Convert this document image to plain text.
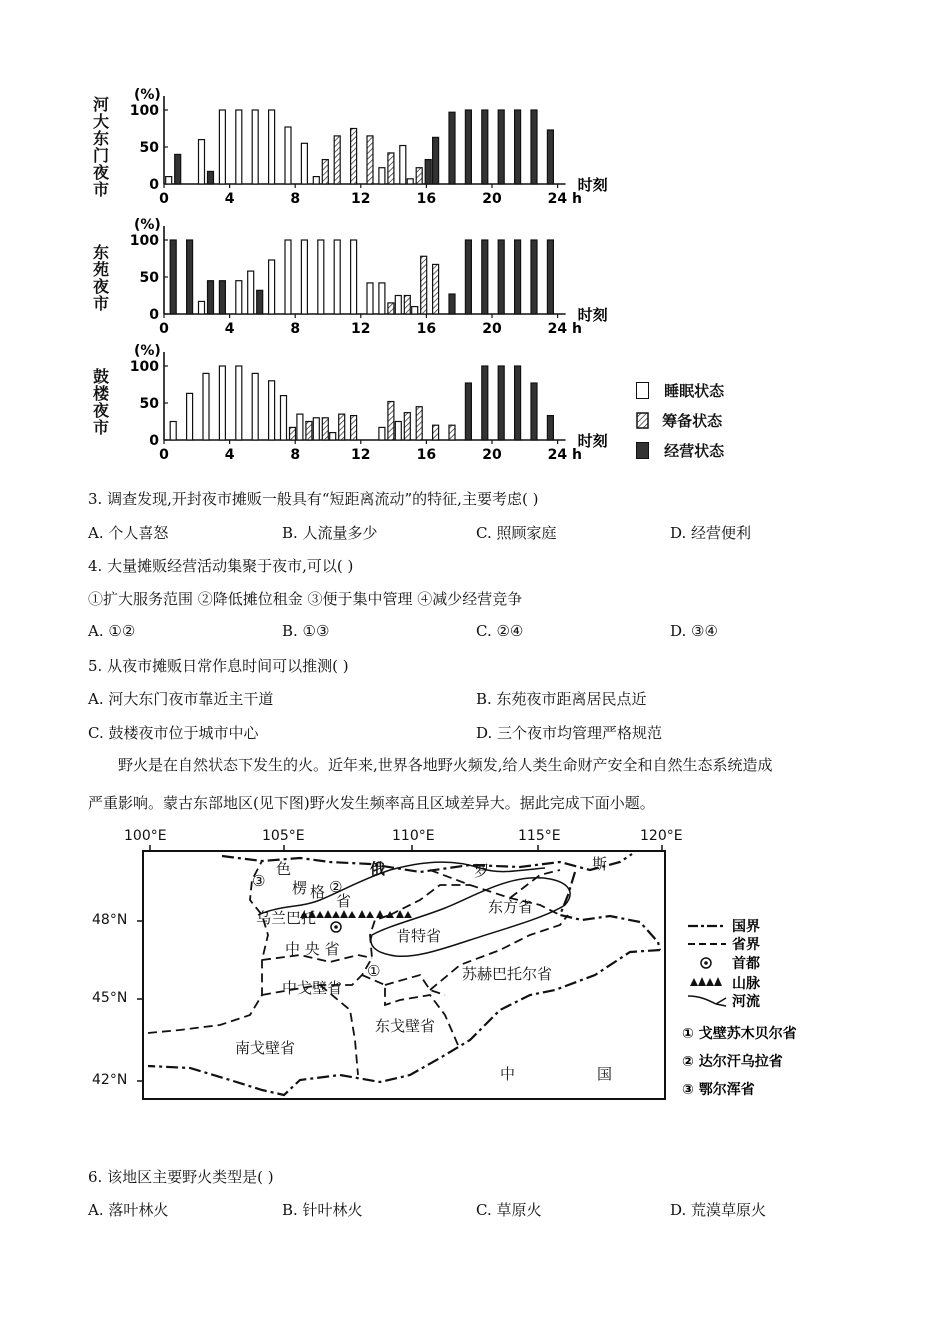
河大东门夜市
东苑夜市
鼓楼夜市
0
50
100
(%)
0	4	8	12	16	20	24 h
时刻
0
50
100
(%)
0	4	8	12	16	20	24 h
时刻
0
50
100
(%)
0	4	8	12	16	20	24 h
时刻
睡眠状态
筹备状态
经营状态
3. 调查发现,开封夜市摊贩一般具有“短距离流动”的特征,主要考虑( )
A. 个人喜怒	B. 人流量多少	C. 照顾家庭	D. 经营便利
4. 大量摊贩经营活动集聚于夜市,可以( )
①扩大服务范围 ②降低摊位租金 ③便于集中管理 ④减少经营竞争
A. ①②	B. ①③	C. ②④	D. ③④
5. 从夜市摊贩日常作息时间可以推测( )
A. 河大东门夜市靠近主干道	B. 东苑夜市距离居民点近
C. 鼓楼夜市位于城市中心	D. 三个夜市均管理严格规范

野火是在自然状态下发生的火。近年来,世界各地野火频发,给人类生命财产安全和自然生态系统造成

严重影响。蒙古东部地区(见下图)野火发生频率高且区域差异大。据此完成下面小题。

100°E	105°E	110°E	115°E	120°E
48°N
45°N
42°N
色
楞 格 省
乌兰巴托
中 央 省
中戈壁省
东方省
肯特省
苏赫巴托尔省
东戈壁省
南戈壁省
俄	罗	斯
中	国
③	②
①
国界
省界
首都
山脉
河流
① 戈壁苏木贝尔省
② 达尔汗乌拉省
③ 鄂尔浑省
6. 该地区主要野火类型是( )
A. 落叶林火	B. 针叶林火	C. 草原火	D. 荒漠草原火
